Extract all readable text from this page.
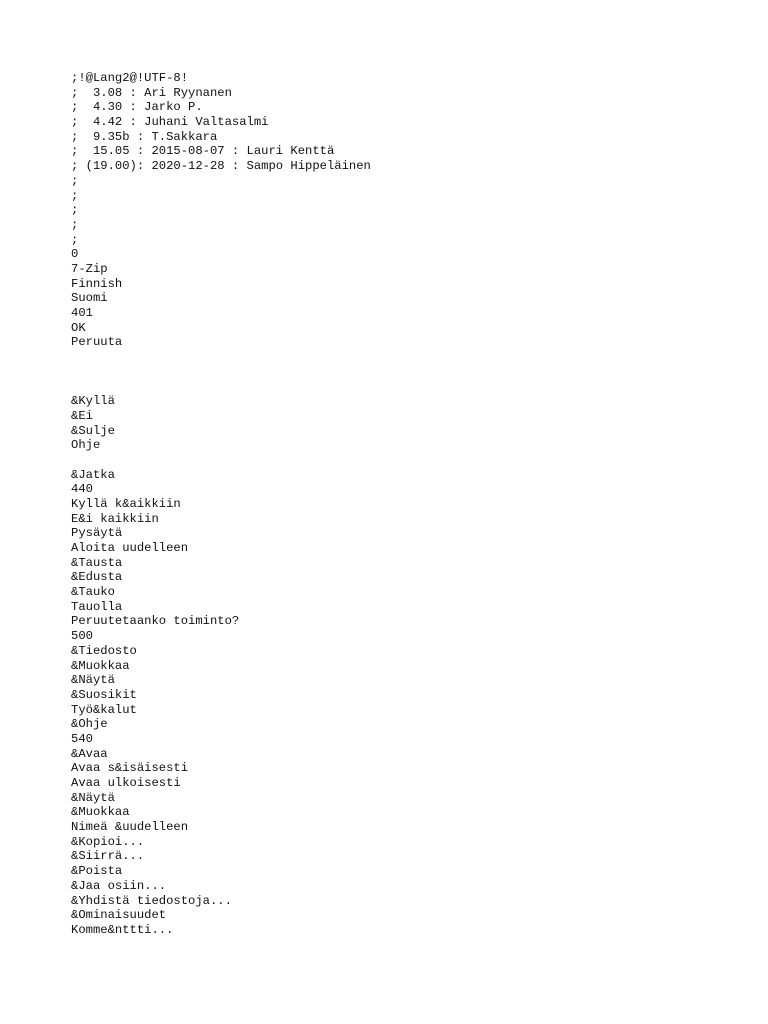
;!@Lang2@!UTF-8!
;  3.08 : Ari Ryynanen
;  4.30 : Jarko P.
;  4.42 : Juhani Valtasalmi
;  9.35b : T.Sakkara
;  15.05 : 2015-08-07 : Lauri Kenttä
; (19.00): 2020-12-28 : Sampo Hippeläinen
;
;
;
;
;
0
7-Zip
Finnish
Suomi
401
OK
Peruuta
&Kyllä
&Ei
&Sulje
Ohje
&Jatka
440
Kyllä k&aikkiin
E&i kaikkiin
Pysäytä
Aloita uudelleen
&Tausta
&Edusta
&Tauko
Tauolla
Peruutetaanko toiminto?
500
&Tiedosto
&Muokkaa
&Näytä
&Suosikit
Työ&kalut
&Ohje
540
&Avaa
Avaa s&isäisesti
Avaa ulkoisesti
&Näytä
&Muokkaa
Nimeä &uudelleen
&Kopioi...
&Siirrä...
&Poista
&Jaa osiin...
&Yhdistä tiedostoja...
&Ominaisuudet
Komme&nttti...
